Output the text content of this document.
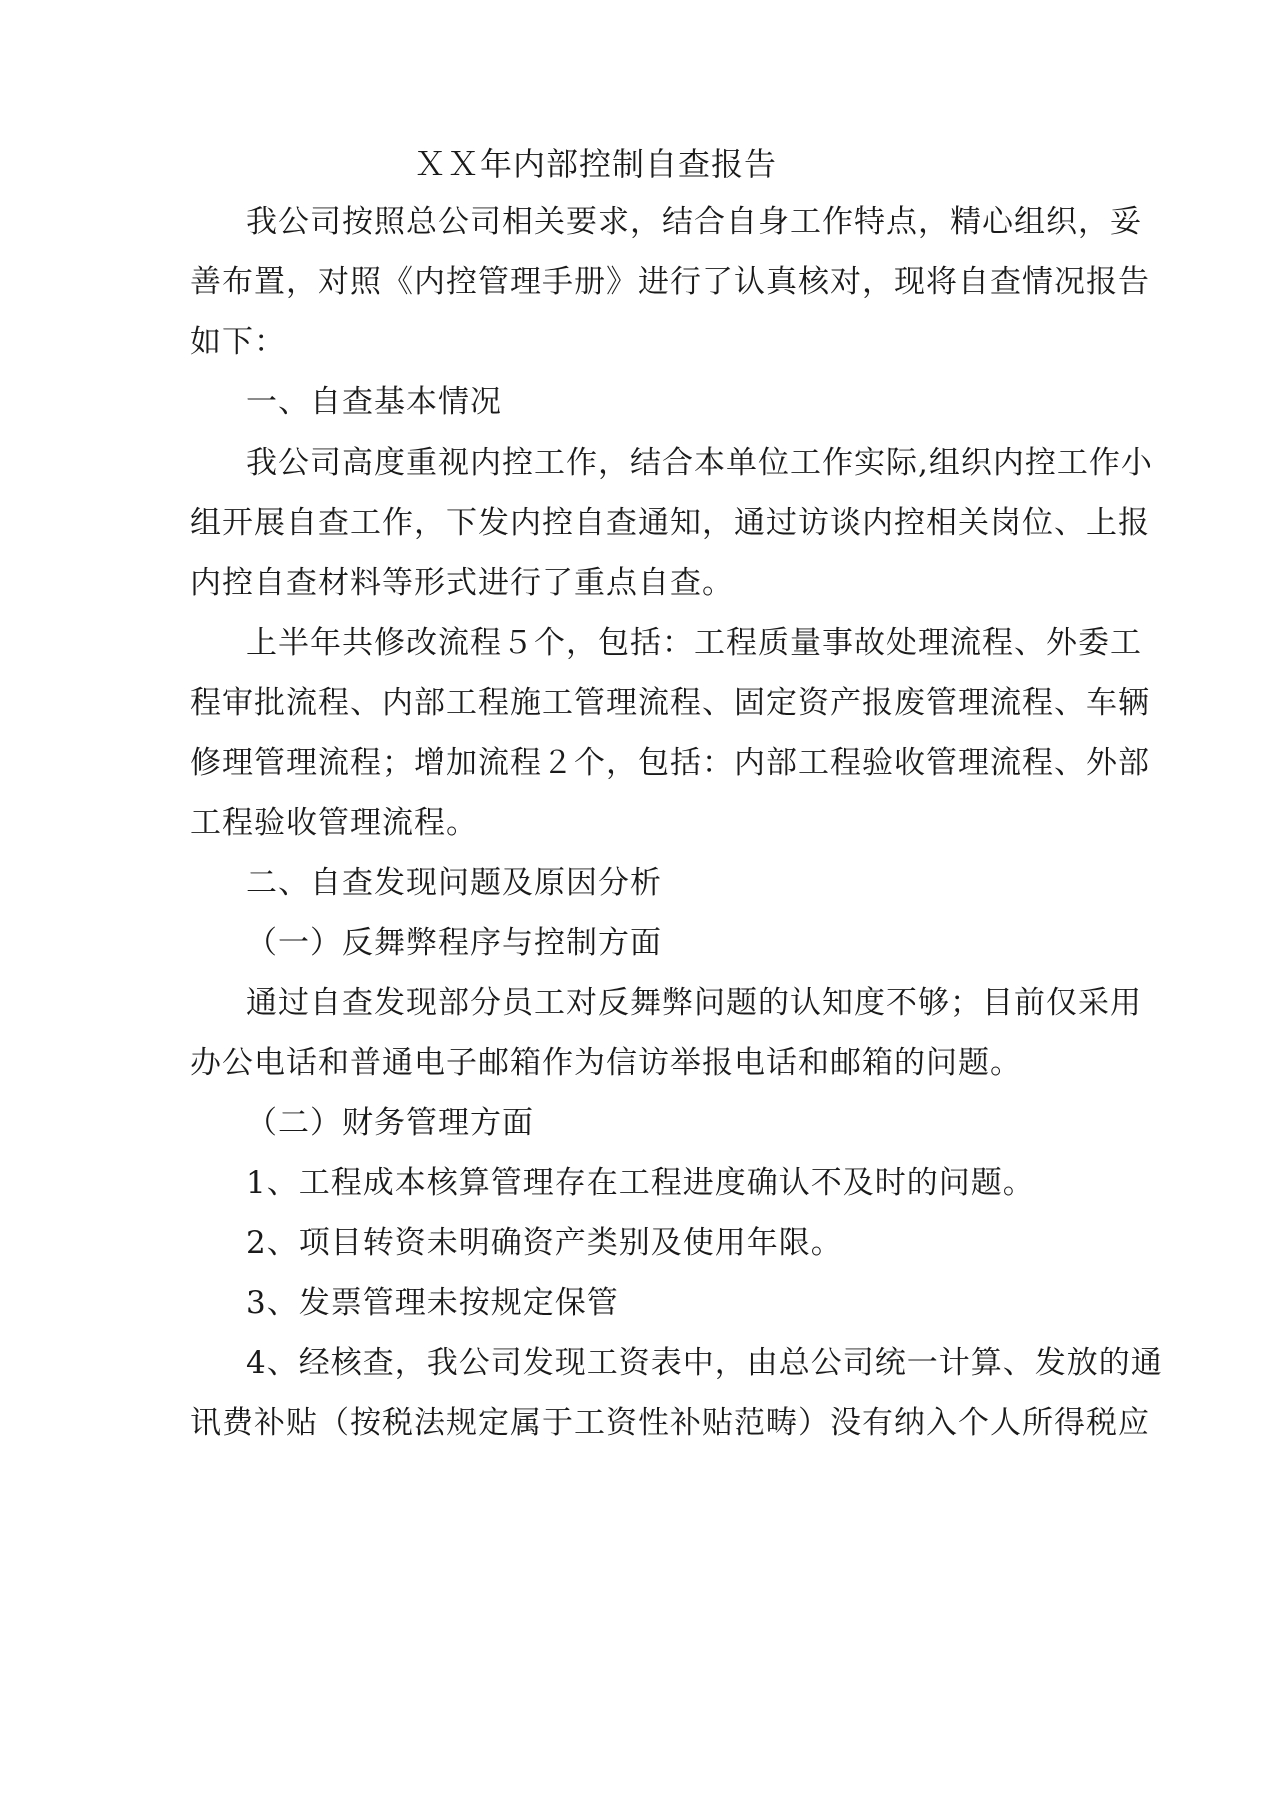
ＸＸ年内部控制自查报告

我公司按照总公司相关要求，结合自身工作特点，精心组织，妥

善布置，对照《内控管理手册》进行了认真核对，现将自查情况报告

如下：

一、自查基本情况

我公司高度重视内控工作，结合本单位工作实际,组织内控工作小

组开展自查工作，下发内控自查通知，通过访谈内控相关岗位、上报

内控自查材料等形式进行了重点自查。

上半年共修改流程５个，包括：工程质量事故处理流程、外委工

程审批流程、内部工程施工管理流程、固定资产报废管理流程、车辆

修理管理流程；增加流程２个，包括：内部工程验收管理流程、外部

工程验收管理流程。

二、自查发现问题及原因分析

（一）反舞弊程序与控制方面

通过自查发现部分员工对反舞弊问题的认知度不够；目前仅采用

办公电话和普通电子邮箱作为信访举报电话和邮箱的问题。

（二）财务管理方面

1、工程成本核算管理存在工程进度确认不及时的问题。

2、项目转资未明确资产类别及使用年限。

3、发票管理未按规定保管

4、经核查，我公司发现工资表中，由总公司统一计算、发放的通

讯费补贴（按税法规定属于工资性补贴范畴）没有纳入个人所得税应
